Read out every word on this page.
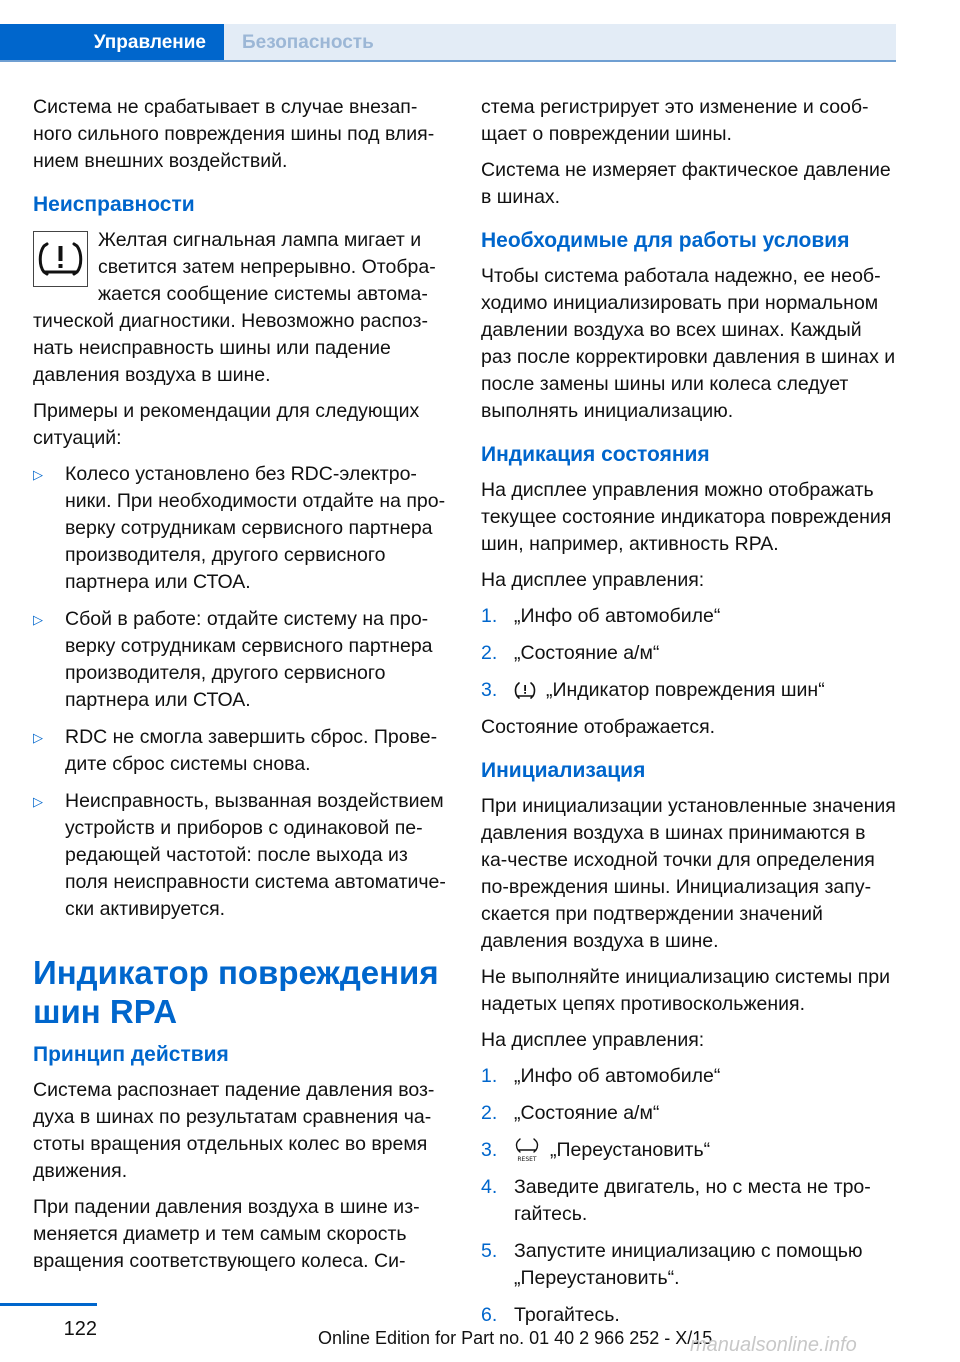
Управление Безопасность

Система не срабатывает в случае внезап-ного сильного повреждения шины под влия-нием внешних воздействий.

Неисправности
Желтая сигнальная лампа мигает и светится затем непрерывно. Отобра-жается сообщение системы автома-тической диагностики. Невозможно распоз-нать неисправность шины или падение давления воздуха в шине.

Примеры и рекомендации для следующих ситуаций:

▷ Колесо установлено без RDC-электро-ники. При необходимости отдайте на про-верку сотрудникам сервисного партнера производителя, другого сервисного партнера или СТОА.
▷ Сбой в работе: отдайте систему на про-верку сотрудникам сервисного партнера производителя, другого сервисного партнера или СТОА.
▷ RDC не смогла завершить сброс. Прове-дите сброс системы снова.
▷ Неисправность, вызванная воздействием устройств и приборов с одинаковой пе-редающей частотой: после выхода из поля неисправности система автоматиче-ски активируется.
Индикатор повреждения шин RPA
Принцип действия

Система распознает падение давления воз-духа в шинах по результатам сравнения ча-стоты вращения отдельных колес во время движения.

При падении давления воздуха в шине из-меняется диаметр и тем самым скорость вращения соответствующего колеса. Си-

стема регистрирует это изменение и сооб-щает о повреждении шины.

Система не измеряет фактическое давление в шинах.

Необходимые для работы условия

Чтобы система работала надежно, ее необ-ходимо инициализировать при нормальном давлении воздуха во всех шинах. Каждый раз после корректировки давления в шинах и после замены шины или колеса следует выполнять инициализацию.

Индикация состояния

На дисплее управления можно отображать текущее состояние индикатора повреждения шин, например, активность RPA.

На дисплее управления:

1. „Инфо об автомобиле“
2. „Состояние а/м“
3. „Индикатор повреждения шин“

Состояние отображается.

Инициализация

При инициализации установленные значения давления воздуха в шинах принимаются в ка-честве исходной точки для определения по-вреждения шины. Инициализация запу-скается при подтверждении значений давления воздуха в шине.

Не выполняйте инициализацию системы при надетых цепях противоскольжения.

На дисплее управления:

1. „Инфо об автомобиле“
2. „Состояние а/м“
3.	RESET „Переустановить“
4. Заведите двигатель, но с места не тро-гайтесь.
5. Запустите инициализацию с помощью „Переустановить“.
6. Трогайтесь.
122	Online Edition for Part no. 01 40 2 966 252 - X/15
manualsonline.info
